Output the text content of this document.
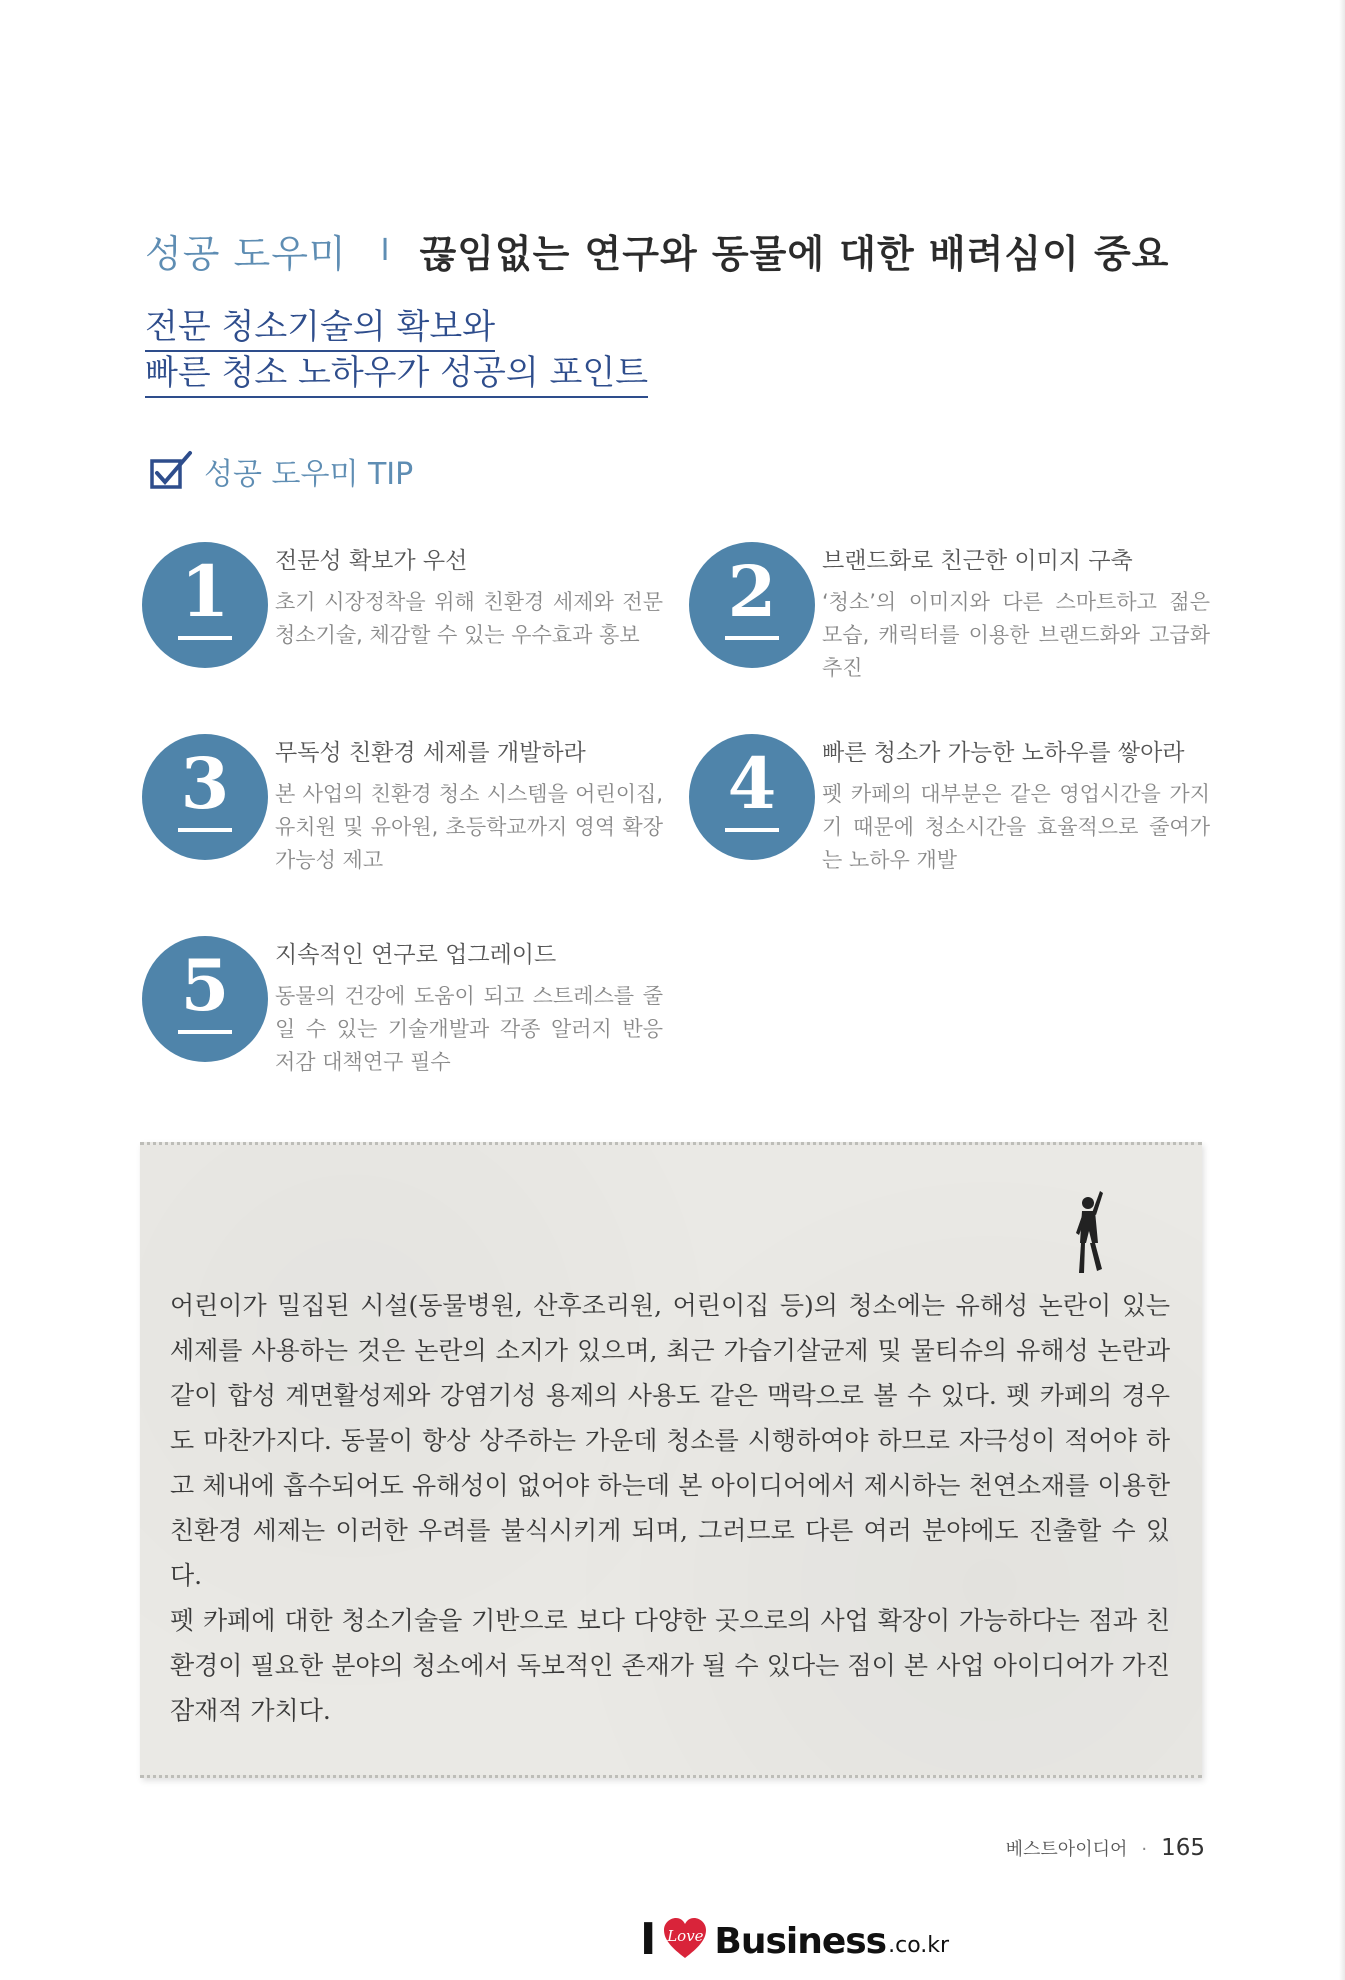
성공 도우미 I 끊임없는 연구와 동물에 대한 배려심이 중요
전문 청소기술의 확보와
빠른 청소 노하우가 성공의 포인트
성공 도우미 TIP
1	전문성 확보가 우선
초기 시장정착을 위해 친환경 세제와 전문 청소기술, 체감할 수 있는 우수효과 홍보
2	브랜드화로 친근한 이미지 구축
‘청소’의 이미지와 다른 스마트하고 젊은 모습, 캐릭터를 이용한 브랜드화와 고급화 추진
3	무독성 친환경 세제를 개발하라
본 사업의 친환경 청소 시스템을 어린이집, 유치원 및 유아원, 초등학교까지 영역 확장 가능성 제고
4	빠른 청소가 가능한 노하우를 쌓아라
펫 카페의 대부분은 같은 영업시간을 가지기 때문에 청소시간을 효율적으로 줄여가는 노하우 개발
5	지속적인 연구로 업그레이드
동물의 건강에 도움이 되고 스트레스를 줄일 수 있는 기술개발과 각종 알러지 반응 저감 대책연구 필수

어린이가 밀집된 시설(동물병원, 산후조리원, 어린이집 등)의 청소에는 유해성 논란이 있는 세제를 사용하는 것은 논란의 소지가 있으며, 최근 가습기살균제 및 물티슈의 유해성 논란과 같이 합성 계면활성제와 강염기성 용제의 사용도 같은 맥락으로 볼 수 있다. 펫 카페의 경우도 마찬가지다. 동물이 항상 상주하는 가운데 청소를 시행하여야 하므로 자극성이 적어야 하고 체내에 흡수되어도 유해성이 없어야 하는데 본 아이디어에서 제시하는 천연소재를 이용한 친환경 세제는 이러한 우려를 불식시키게 되며, 그러므로 다른 여러 분야에도 진출할 수 있다.

펫 카페에 대한 청소기술을 기반으로 보다 다양한 곳으로의 사업 확장이 가능하다는 점과 친환경이 필요한 분야의 청소에서 독보적인 존재가 될 수 있다는 점이 본 사업 아이디어가 가진 잠재적 가치다.

베스트아이디어 · 165
I Love Business .co.kr
